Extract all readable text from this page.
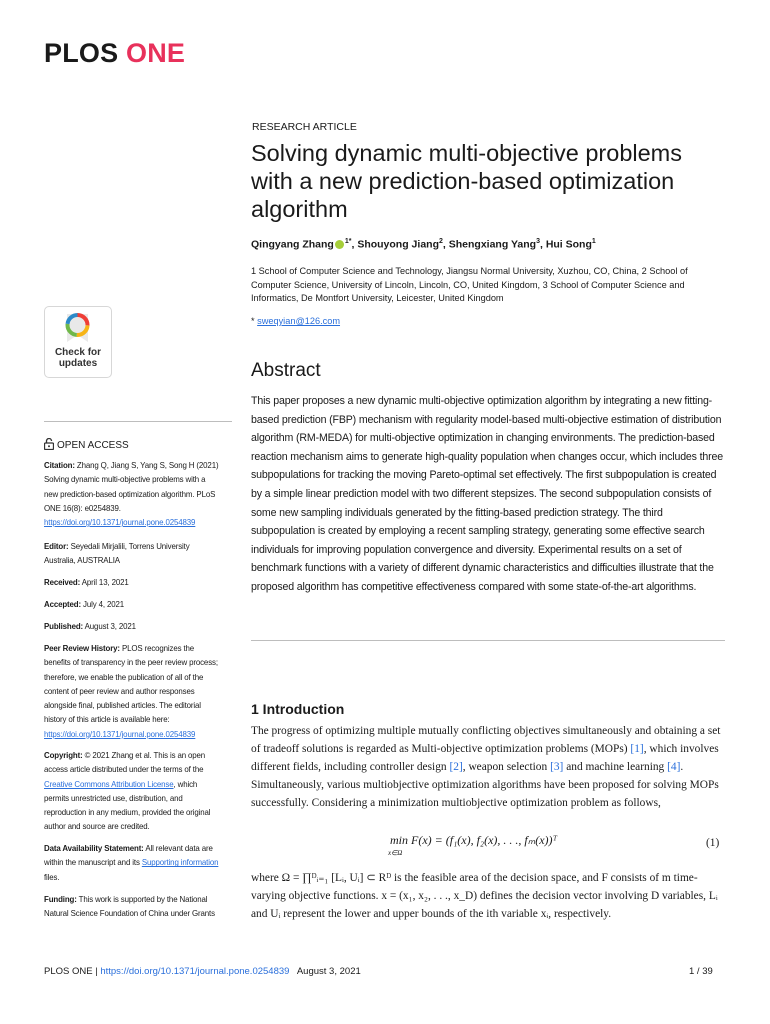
PLOS ONE
RESEARCH ARTICLE
Solving dynamic multi-objective problems with a new prediction-based optimization algorithm
Qingyang Zhang $^{1*}$, Shouyong Jiang$^2$, Shengxiang Yang$^3$, Hui Song$^1$
1 School of Computer Science and Technology, Jiangsu Normal University, Xuzhou, CO, China, 2 School of Computer Science, University of Lincoln, Lincoln, CO, United Kingdom, 3 School of Computer Science and Informatics, De Montfort University, Leicester, United Kingdom
* sweqyian@126.com
Check for
updates	Abstract
This paper proposes a new dynamic multi-objective optimization algorithm by integrating a new fitting-based prediction (FBP) mechanism with regularity model-based multi-objective estimation of distribution algorithm (RM-MEDA) for multi-objective optimization in changing environments. The prediction-based reaction mechanism aims to generate high-quality population when changes occur, which includes three subpopulations for tracking the moving Pareto-optimal set effectively. The first subpopulation is created by a simple linear prediction model with two different stepsizes. The second subpopulation consists of some new sampling individuals generated by the fitting-based prediction strategy. The third subpopulation is created by employing a recent sampling strategy, generating some effective search individuals for improving population convergence and diversity. Experimental results on a set of benchmark functions with a variety of different dynamic characteristics and difficulties illustrate that the proposed algorithm has competitive effectiveness compared with some state-of-the-art algorithms.
OPEN ACCESS
Citation: Zhang Q, Jiang S, Yang S, Song H (2021) Solving dynamic multi-objective problems with a new prediction-based optimization algorithm. PLoS ONE 16(8): e0254839. https://doi.org/10.1371/journal.pone.0254839
Editor: Seyedali Mirjalili, Torrens University Australia, AUSTRALIA
Received: April 13, 2021
Accepted: July 4, 2021
Published: August 3, 2021
Peer Review History: PLOS recognizes the benefits of transparency in the peer review process; therefore, we enable the publication of all of the content of peer review and author responses alongside final, published articles. The editorial history of this article is available here: https://doi.org/10.1371/journal.pone.0254839
Copyright: © 2021 Zhang et al. This is an open access article distributed under the terms of the Creative Commons Attribution License, which permits unrestricted use, distribution, and reproduction in any medium, provided the original author and source are credited.
Data Availability Statement: All relevant data are within the manuscript and its Supporting information files.
Funding: This work is supported by the National Natural Science Foundation of China under Grants
1 Introduction
The progress of optimizing multiple mutually conflicting objectives simultaneously and obtaining a set of tradeoff solutions is regarded as Multi-objective optimization problems (MOPs) [1], which involves different fields, including controller design [2], weapon selection [3] and machine learning [4]. Simultaneously, various multiobjective optimization algorithms have been proposed for solving MOPs successfully. Considering a minimization multiobjective optimization problem as follows,
min F(x) = (f₁(x), f₂(x), . . ., fₘ(x))ᵀ
x∈Ω
(1)
where Ω = ∏ᴰᵢ₌₁ [Lᵢ, Uᵢ] ⊂ Rᴰ is the feasible area of the decision space, and F consists of m time-varying objective functions. x = (x₁, x₂, . . ., x_D) defines the decision vector involving D variables, Lᵢ and Uᵢ represent the lower and upper bounds of the ith variable xᵢ, respectively.
PLOS ONE | https://doi.org/10.1371/journal.pone.0254839 August 3, 2021	1 / 39
